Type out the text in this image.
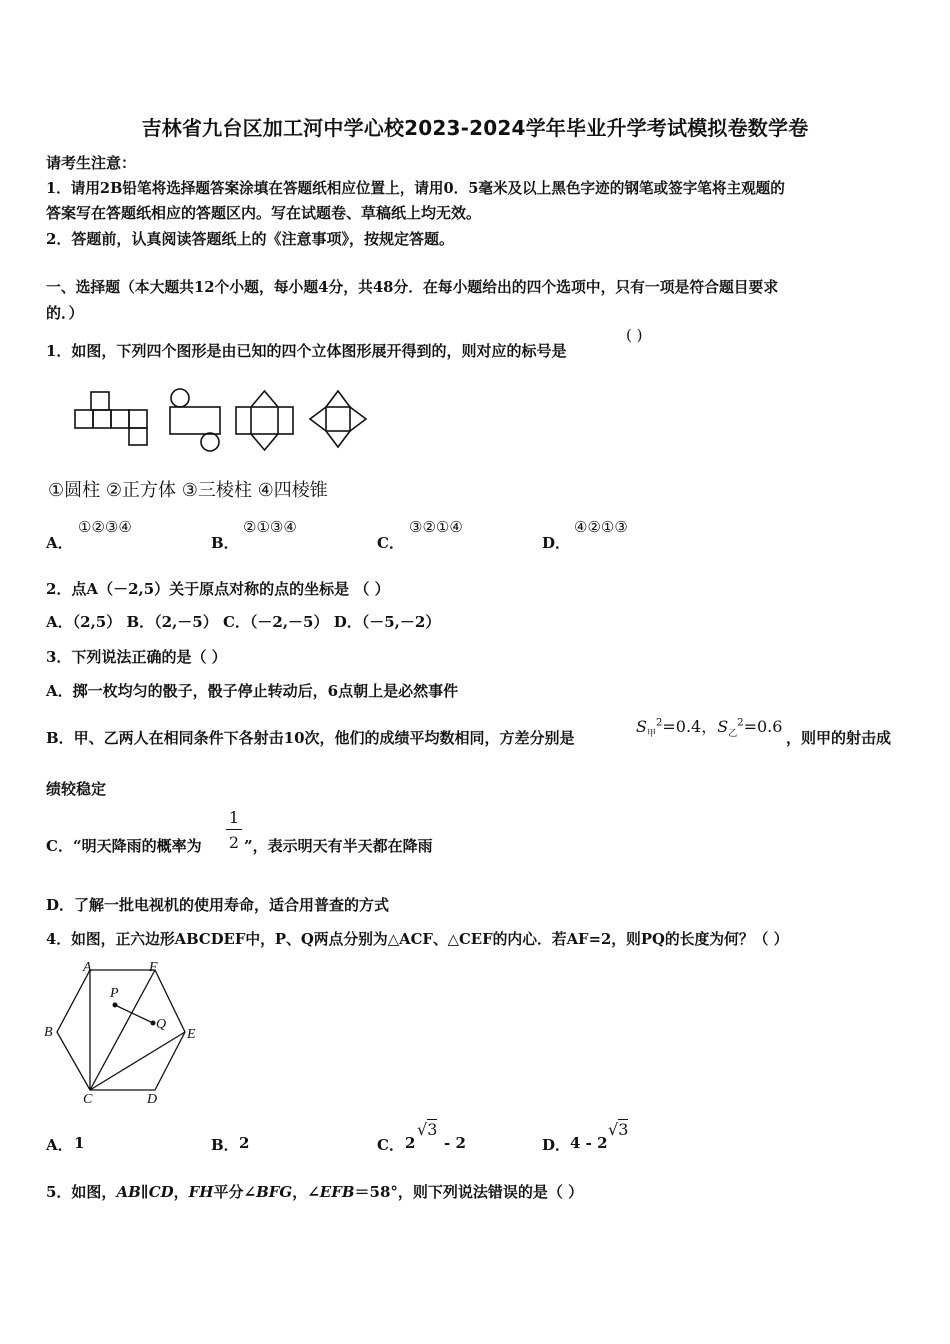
吉林省九台区加工河中学心校2023-2024学年毕业升学考试模拟卷数学卷
请考生注意：
1．请用2B铅笔将选择题答案涂填在答题纸相应位置上，请用0．5毫米及以上黑色字迹的钢笔或签字笔将主观题的
答案写在答题纸相应的答题区内。写在试题卷、草稿纸上均无效。
2．答题前，认真阅读答题纸上的《注意事项》，按规定答题。
一、选择题（本大题共12个小题，每小题4分，共48分．在每小题给出的四个选项中，只有一项是符合题目要求
的．）
1．如图，下列四个图形是由已知的四个立体图形展开得到的，则对应的标号是
( )
①圆柱 ②正方体 ③三棱柱 ④四棱锥
A．
①②③④
B．
②①③④
C．
③②①④
D．
④②①③
2．点A（－2,5）关于原点对称的点的坐标是 （ ）
A．（2,5） B．（2,－5） C．（－2,－5） D．（－5,－2）
3．下列说法正确的是（ ）
A．掷一枚均匀的骰子，骰子停止转动后，6点朝上是必然事件
B．甲、乙两人在相同条件下各射击10次，他们的成绩平均数相同，方差分别是
$S_甲^2=0.4$，$S_乙^2=0.6$
，则甲的射击成
绩较稳定
C．“明天降雨的概率为
1
2 ”，表示明天有半天都在降雨
D．了解一批电视机的使用寿命，适合用普查的方式
4．如图，正六边形ABCDEF中，P、Q两点分别为△ACF、△CEF的内心．若AF=2，则PQ的长度为何？（ ）
A	F
B	E
C	D
P
Q
A． 1	B． 2	C． 2
√3
- 2	D． 4 - 2
√3
5．如图，AB∥CD，FH平分∠BFG，∠EFB＝58°，则下列说法错误的是（ ）
